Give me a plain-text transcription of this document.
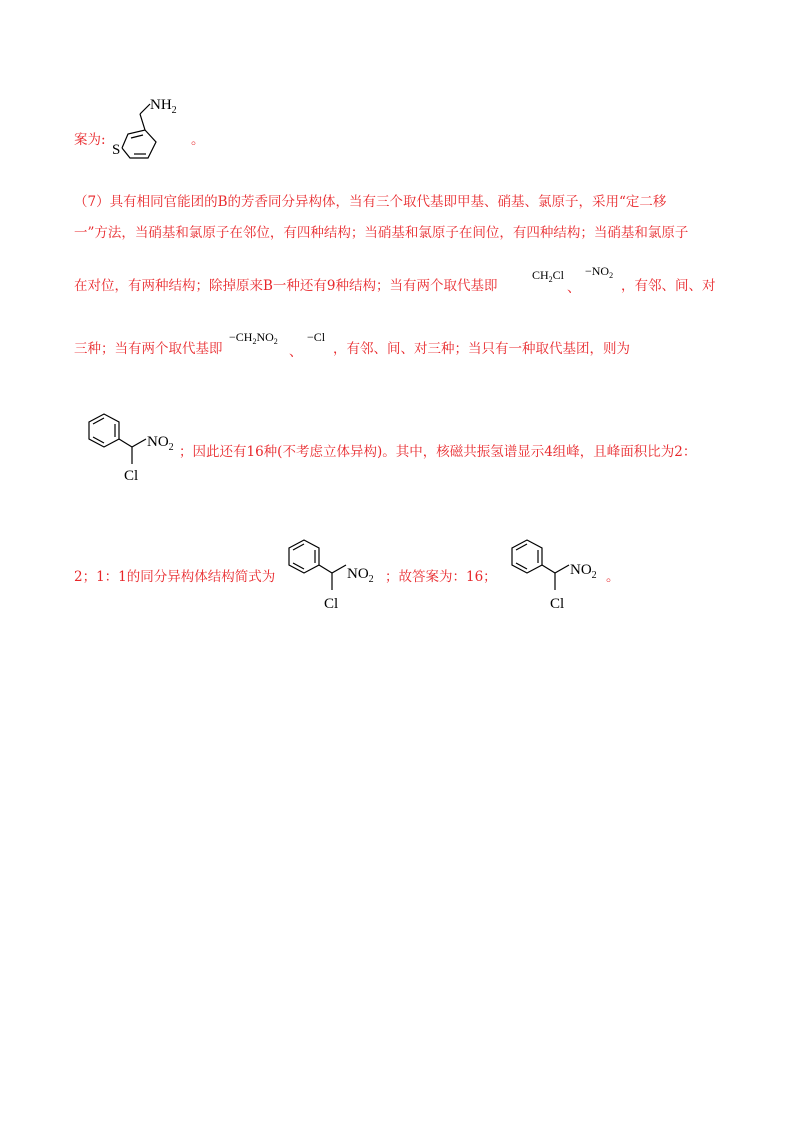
案为:
S
$NH_2$
。
（7）具有相同官能团的B的芳香同分异构体，当有三个取代基即甲基、硝基、氯原子，采用“定二移
一”方法，当硝基和氯原子在邻位，有四种结构；当硝基和氯原子在间位，有四种结构；当硝基和氯原子
在对位，有两种结构；除掉原来B一种还有9种结构；当有两个取代基即
$CH_2Cl$
、
$-NO_2$
，有邻、间、对
三种；当有两个取代基即
$-CH_2NO_2$
、
−Cl
，有邻、间、对三种；当只有一种取代基团，则为
$NO_2$
Cl
；因此还有16种(不考虑立体异构)。其中，核磁共振氢谱显示4组峰，且峰面积比为2：
2；1：1的同分异构体结构简式为	$NO_2$
Cl
；故答案为：16；	$NO_2$
Cl
。
